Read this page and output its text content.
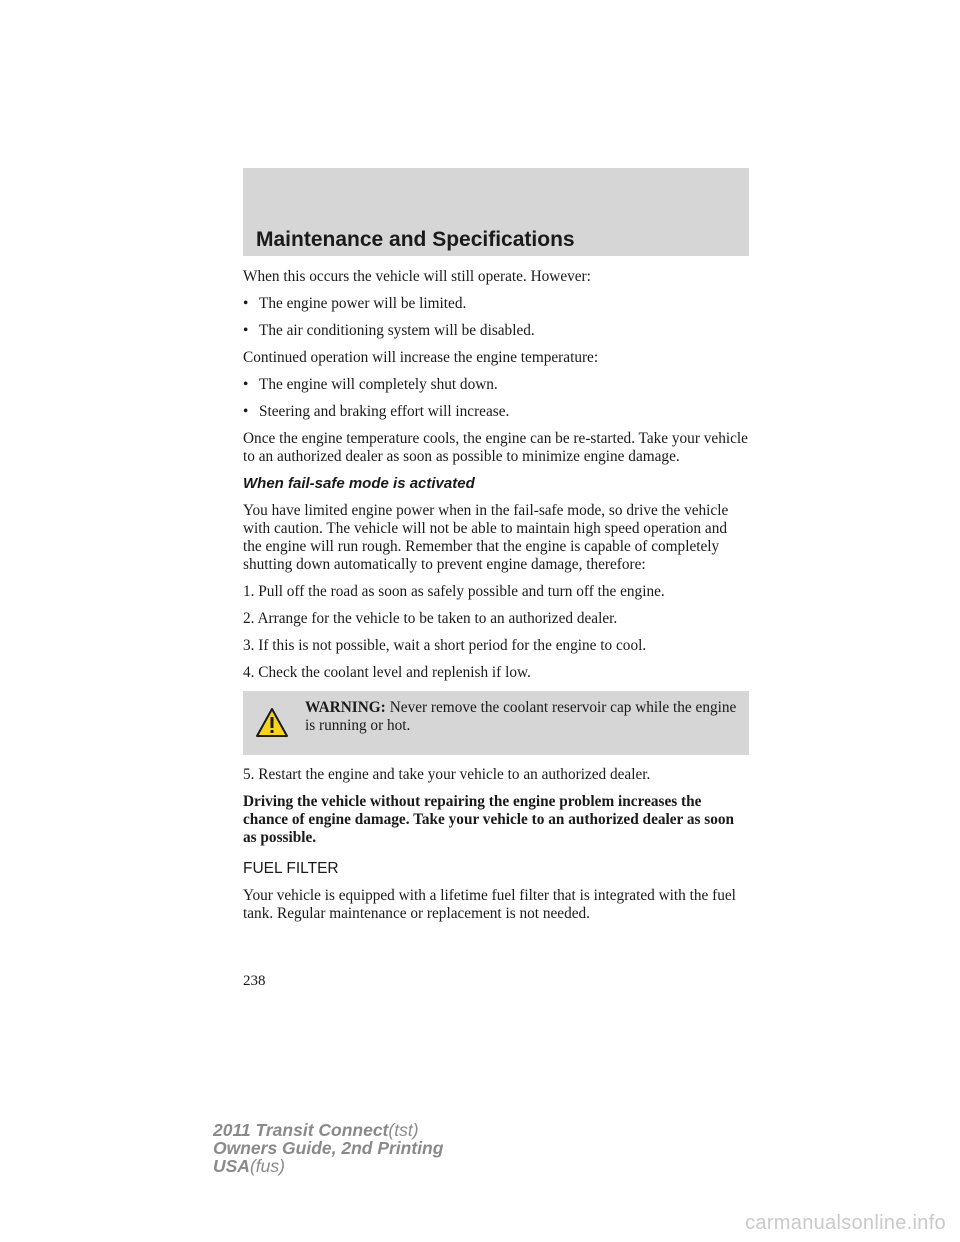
Maintenance and Specifications

When this occurs the vehicle will still operate. However:

• The engine power will be limited.
• The air conditioning system will be disabled.

Continued operation will increase the engine temperature:

• The engine will completely shut down.
• Steering and braking effort will increase.

Once the engine temperature cools, the engine can be re-started. Take your vehicle to an authorized dealer as soon as possible to minimize engine damage.

When fail-safe mode is activated

You have limited engine power when in the fail-safe mode, so drive the vehicle with caution. The vehicle will not be able to maintain high speed operation and the engine will run rough. Remember that the engine is capable of completely shutting down automatically to prevent engine damage, therefore:

1. Pull off the road as soon as safely possible and turn off the engine.

2. Arrange for the vehicle to be taken to an authorized dealer.

3. If this is not possible, wait a short period for the engine to cool.

4. Check the coolant level and replenish if low.

WARNING: Never remove the coolant reservoir cap while the engine is running or hot.

5. Restart the engine and take your vehicle to an authorized dealer.

Driving the vehicle without repairing the engine problem increases the chance of engine damage. Take your vehicle to an authorized dealer as soon as possible.

FUEL FILTER

Your vehicle is equipped with a lifetime fuel filter that is integrated with the fuel tank. Regular maintenance or replacement is not needed.

238
2011 Transit Connect(tst)
Owners Guide, 2nd Printing
USA(fus)
carmanualsonline.info
